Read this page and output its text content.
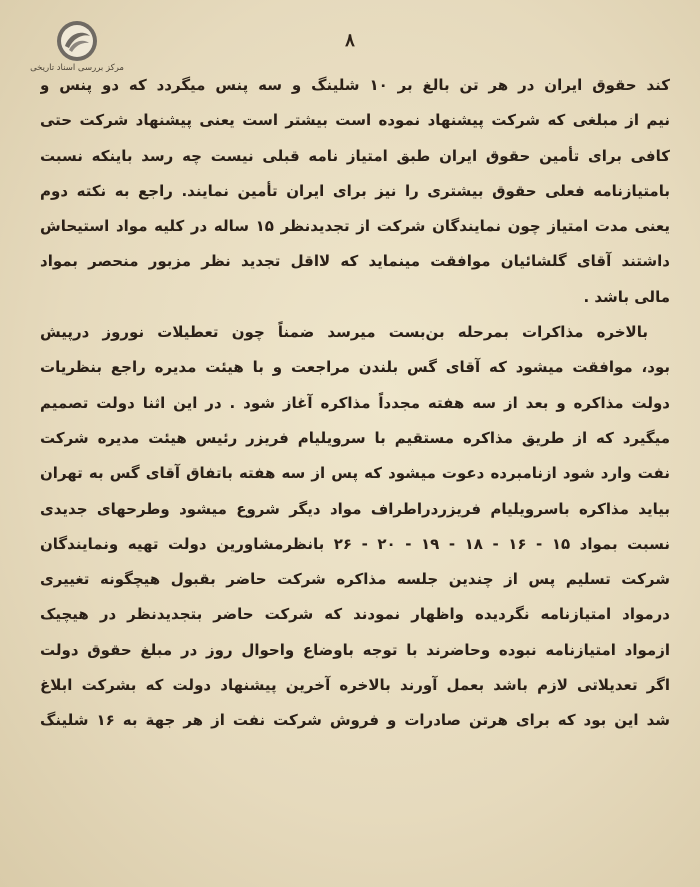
مرکز بررسی اسناد تاریخی
۸
کند حقوق ایران در هر تن بالغ بر ۱۰ شلینگ و سه پنس میگردد که دو پنس و
نیم از مبلغی که شرکت پیشنهاد نموده است بیشتر است یعنی پیشنهاد شرکت حتی
کافی برای تأمین حقوق ایران طبق امتیاز نامه قبلی نیست چه رسد باینکه نسبت
بامتیازنامه فعلی حقوق بیشتری را نیز برای ایران تأمین نمایند. راجع به نکته دوم
یعنی مدت امتیاز چون نمایندگان شرکت از تجدیدنظر ۱۵ ساله در کلیه مواد استیحاش
داشتند آقای گلشائیان موافقت مینماید که لااقل تجدید نظر مزبور منحصر بمواد
مالی باشد .
بالاخره مذاکرات بمرحله بن‌بست میرسد ضمناً چون تعطیلات نوروز درپیش
بود، موافقت میشود که آقای گس بلندن مراجعت و با هیئت مدیره راجع بنظریات
دولت مذاکره و بعد از سه هفته مجدداً مذاکره آغاز شود . در این اثنا دولت تصمیم
میگیرد که از طریق مذاکره مستقیم با سرویلیام فریزر رئیس هیئت مدیره شرکت
نفت وارد شود ازنامبرده دعوت میشود که پس از سه هفته باتفاق آقای گس به تهران
بیاید مذاکره باسرویلیام فریزردراطراف مواد دیگر شروع میشود وطرحهای جدیدی
نسبت بمواد ۱۵ - ۱۶ - ۱۸ - ۱۹ - ۲۰ - ۲۶ بانظرمشاورین دولت تهیه ونمایندگان
شرکت تسلیم پس از چندین جلسه مذاکره شرکت حاضر بقبول هیچگونه تغییری
درمواد امتیازنامه نگردیده واظهار نمودند که شرکت حاضر بتجدیدنظر در هیچیک
ازمواد امتیازنامه نبوده وحاضرند با توجه باوضاع واحوال روز در مبلغ حقوق دولت
اگر تعدیلاتی لازم باشد بعمل آورند بالاخره آخرین پیشنهاد دولت که بشرکت ابلاغ
شد این بود که برای هرتن صادرات و فروش شرکت نفت از هر جهة به ۱۶ شلینگ
